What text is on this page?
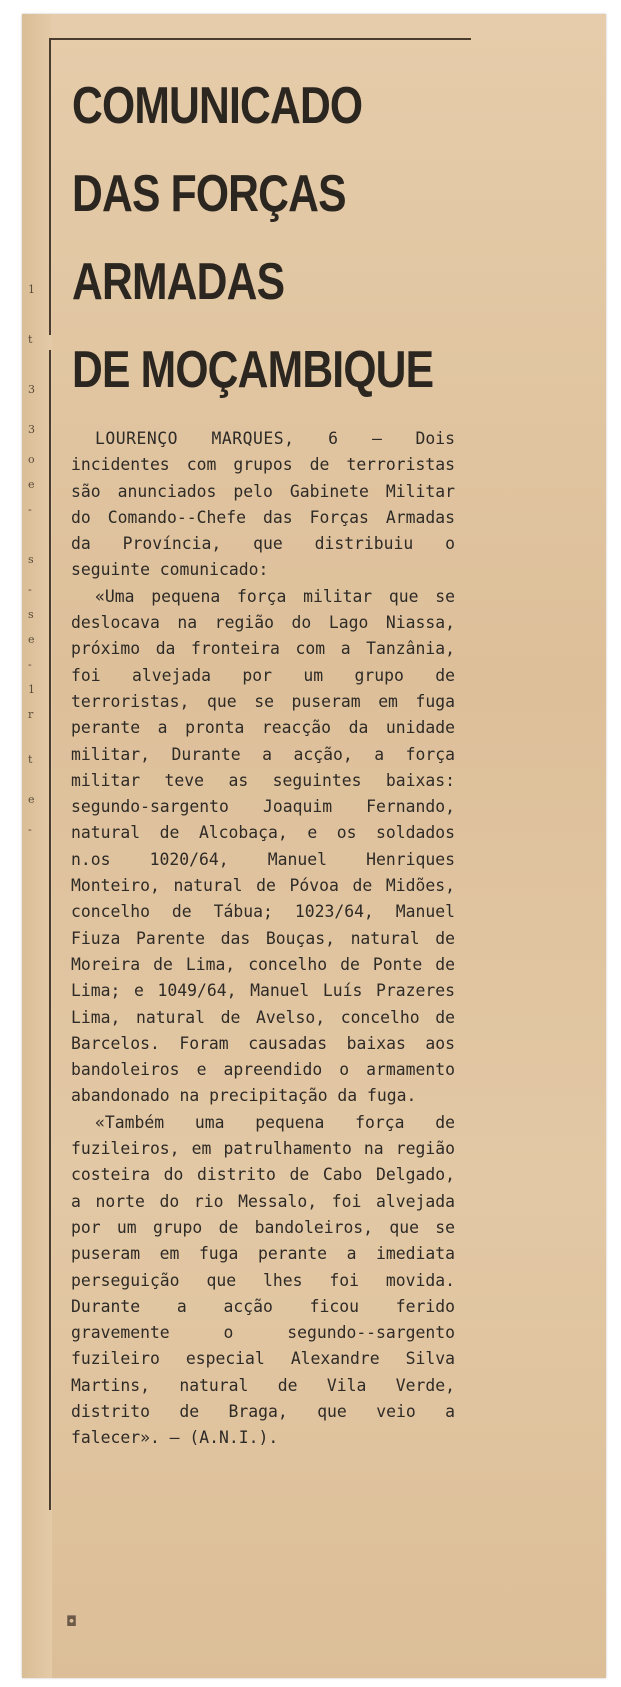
1
t
3
3
o
e
-
s
-
s
e
-
1
r
t
e
-
COMUNICADO
DAS FORÇAS
ARMADAS
DE MOÇAMBIQUE

LOURENÇO MARQUES, 6 — Dois incidentes com grupos de terroristas são anunciados pelo Gabinete Militar do Comando--Chefe das Forças Armadas da Província, que distribuiu o seguinte comunicado:

«Uma pequena força militar que se deslocava na região do Lago Niassa, próximo da fronteira com a Tanzânia, foi alvejada por um grupo de terroristas, que se puseram em fuga perante a pronta reacção da unidade militar, Durante a acção, a força militar teve as seguintes baixas: segundo-sargento Joaquim Fernando, natural de Alcobaça, e os soldados n.os 1020/64, Manuel Henriques Monteiro, natural de Póvoa de Midões, concelho de Tábua; 1023/64, Manuel Fiuza Parente das Bouças, natural de Moreira de Lima, concelho de Ponte de Lima; e 1049/64, Manuel Luís Prazeres Lima, natural de Avelso, concelho de Barcelos. Foram causadas baixas aos bandoleiros e apreendido o armamento abandonado na precipitação da fuga.

«Também uma pequena força de fuzileiros, em patrulhamento na região costeira do distrito de Cabo Delgado, a norte do rio Messalo, foi alvejada por um grupo de bandoleiros, que se puseram em fuga perante a imediata perseguição que lhes foi movida. Durante a acção ficou ferido gravemente o segundo--sargento fuzileiro especial Alexandre Silva Martins, natural de Vila Verde, distrito de Braga, que veio a falecer». — (A.N.I.).

◘
